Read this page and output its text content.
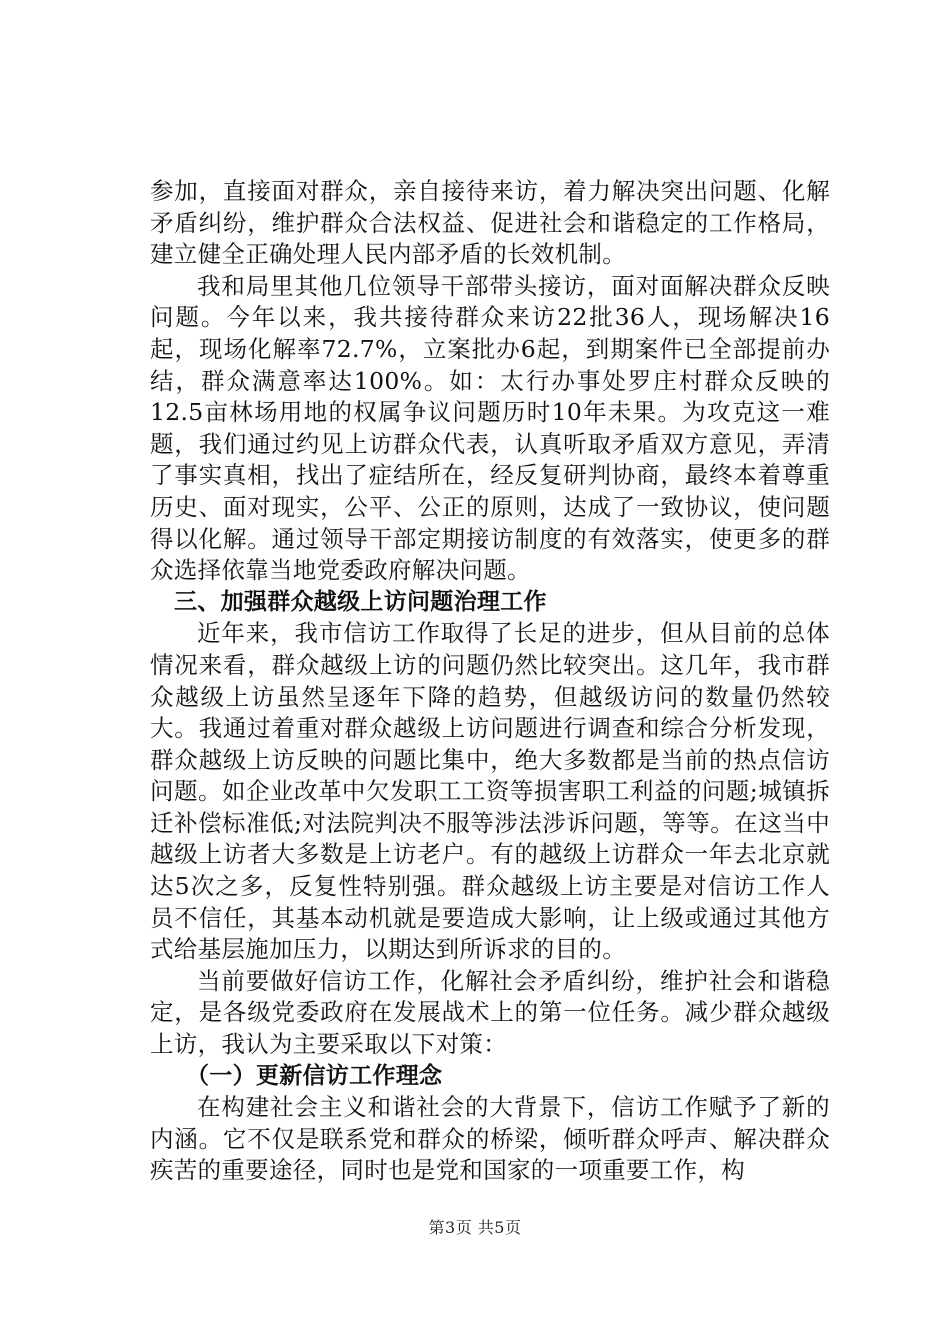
参加，直接面对群众，亲自接待来访，着力解决突出问题、化解矛盾纠纷，维护群众合法权益、促进社会和谐稳定的工作格局，建立健全正确处理人民内部矛盾的长效机制。

我和局里其他几位领导干部带头接访，面对面解决群众反映问题。今年以来，我共接待群众来访22批36人，现场解决16起，现场化解率72.7%，立案批办6起，到期案件已全部提前办结，群众满意率达100%。如：太行办事处罗庄村群众反映的12.5亩林场用地的权属争议问题历时10年未果。为攻克这一难题，我们通过约见上访群众代表，认真听取矛盾双方意见，弄清了事实真相，找出了症结所在，经反复研判协商，最终本着尊重历史、面对现实，公平、公正的原则，达成了一致协议，使问题得以化解。通过领导干部定期接访制度的有效落实，使更多的群众选择依靠当地党委政府解决问题。

三、加强群众越级上访问题治理工作

近年来，我市信访工作取得了长足的进步，但从目前的总体情况来看，群众越级上访的问题仍然比较突出。这几年，我市群众越级上访虽然呈逐年下降的趋势，但越级访问的数量仍然较大。我通过着重对群众越级上访问题进行调查和综合分析发现，群众越级上访反映的问题比集中，绝大多数都是当前的热点信访问题。如企业改革中欠发职工工资等损害职工利益的问题;城镇拆迁补偿标准低;对法院判决不服等涉法涉诉问题，等等。在这当中越级上访者大多数是上访老户。有的越级上访群众一年去北京就达5次之多，反复性特别强。群众越级上访主要是对信访工作人员不信任，其基本动机就是要造成大影响，让上级或通过其他方式给基层施加压力，以期达到所诉求的目的。

当前要做好信访工作，化解社会矛盾纠纷，维护社会和谐稳定，是各级党委政府在发展战术上的第一位任务。减少群众越级上访，我认为主要采取以下对策：

（一）更新信访工作理念

在构建社会主义和谐社会的大背景下，信访工作赋予了新的内涵。它不仅是联系党和群众的桥梁，倾听群众呼声、解决群众疾苦的重要途径，同时也是党和国家的一项重要工作，构

第3页 共5页
